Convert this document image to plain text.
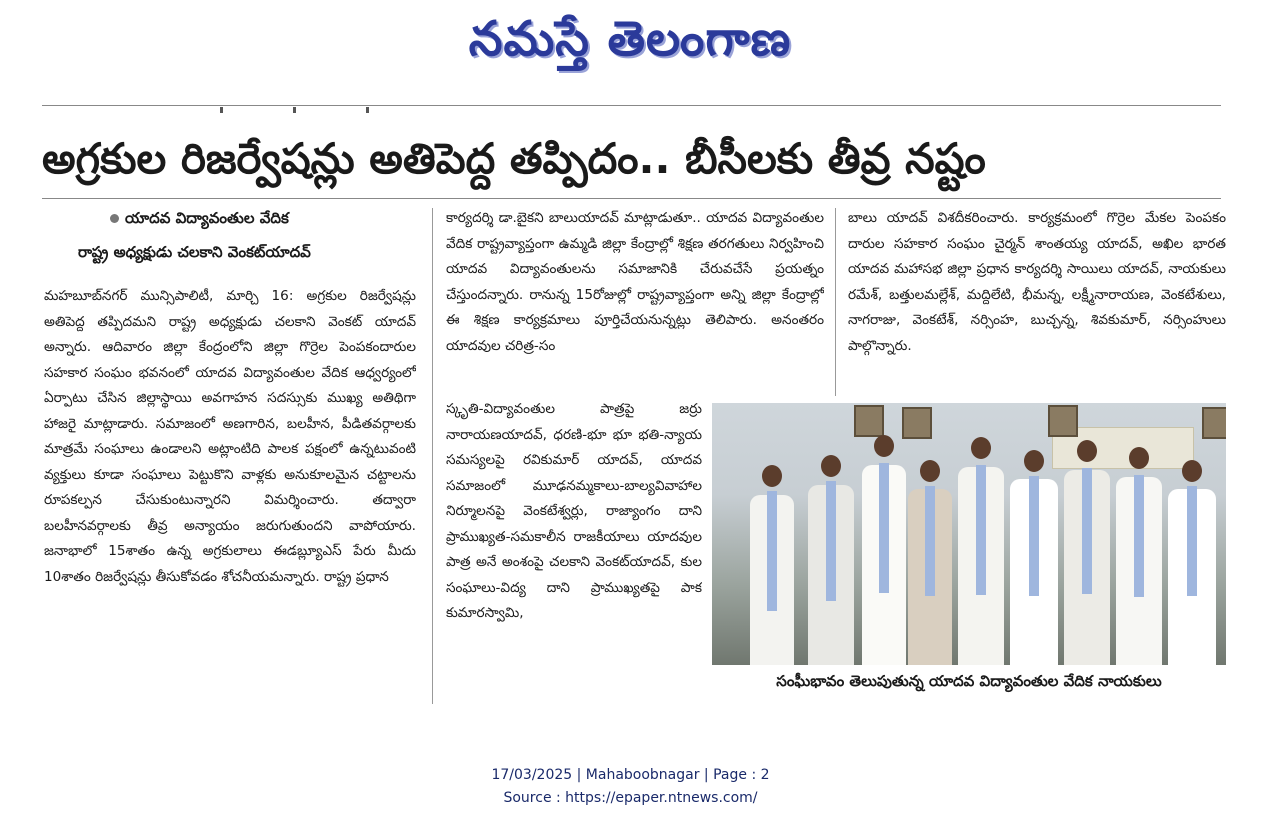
నమస్తే తెలంగాణ
అగ్రకుల రిజర్వేషన్లు అతిపెద్ద తప్పిదం.. బీసీలకు తీవ్ర నష్టం
యాదవ విద్యావంతుల వేదిక
రాష్ట్ర అధ్యక్షుడు చలకాని వెంకట్‌యాదవ్

మహబూబ్‌నగర్ మున్సిపాలిటీ, మార్చి 16: అగ్రకుల రిజర్వేషన్లు అతిపెద్ద తప్పిదమని రాష్ట్ర అధ్యక్షుడు చలకాని వెంకట్ యాదవ్ అన్నారు. ఆదివారం జిల్లా కేంద్రంలోని జిల్లా గొర్రెల పెంపకందారుల సహకార సంఘం భవనంలో యాదవ విద్యావంతుల వేదిక ఆధ్వర్యంలో ఏర్పాటు చేసిన జిల్లాస్థాయి అవగాహన సదస్సుకు ముఖ్య అతిథిగా హాజరై మాట్లాడారు. సమాజంలో అణగారిన, బలహీన, పీడితవర్గాలకు మాత్రమే సంఘాలు ఉండాలని అట్లాంటిది పాలక పక్షంలో ఉన్నటువంటి వ్యక్తులు కూడా సంఘాలు పెట్టుకొని వాళ్లకు అనుకూలమైన చట్టాలను రూపకల్పన చేసుకుంటున్నారని విమర్శించారు. తద్వారా బలహీనవర్గాలకు తీవ్ర అన్యాయం జరుగుతుందని వాపోయారు. జనాభాలో 15శాతం ఉన్న అగ్రకులాలు ఈడబ్ల్యూఎస్ పేరు మీదు 10శాతం రిజర్వేషన్లు తీసుకోవడం శోచనీయమన్నారు. రాష్ట్ర ప్రధాన

కార్యదర్శి డా.బైకని బాలుయాదవ్ మాట్లాడుతూ.. యాదవ విద్యావంతుల వేదిక రాష్ట్రవ్యాప్తంగా ఉమ్మడి జిల్లా కేంద్రాల్లో శిక్షణ తరగతులు నిర్వహించి యాదవ విద్యావంతులను సమాజానికి చేరువచేసే ప్రయత్నం చేస్తుందన్నారు. రానున్న 15రోజుల్లో రాష్ట్రవ్యాప్తంగా అన్ని జిల్లా కేంద్రాల్లో ఈ శిక్షణ కార్యక్రమాలు పూర్తిచేయనున్నట్లు తెలిపారు. అనంతరం యాదవుల చరిత్ర-సం

స్కృతి-విద్యావంతుల పాత్రపై జర్రు నారాయణయాదవ్, ధరణి-భూ భూ భతి-న్యాయ సమస్యలపై రవికుమార్ యాదవ్, యాదవ సమాజంలో మూఢనమ్మకాలు-బాల్యవివాహాల నిర్మూలనపై వెంకటేశ్వర్లు, రాజ్యాంగం దాని ప్రాముఖ్యత-సమకాలీన రాజకీయాలు యాదవుల పాత్ర అనే అంశంపై చలకాని వెంకట్‌యాదవ్, కుల సంఘాలు-విద్య దాని ప్రాముఖ్యతపై పాక కుమారస్వామి,

బాలు యాదవ్ విశదీకరించారు. కార్యక్రమంలో గొర్రెల మేకల పెంపకం దారుల సహకార సంఘం చైర్మన్ శాంతయ్య యాదవ్, అఖిల భారత యాదవ మహాసభ జిల్లా ప్రధాన కార్యదర్శి సాయిలు యాదవ్, నాయకులు రమేశ్, బత్తులమల్లేశ్, మద్దిలేటి, భీమన్న, లక్ష్మీనారాయణ, వెంకటేశులు, నాగరాజు, వెంకటేశ్, నర్సింహ, బుచ్చన్న, శివకుమార్, నర్సింహులు పాల్గొన్నారు.

సంఘీభావం తెలుపుతున్న యాదవ విద్యావంతుల వేదిక నాయకులు
17/03/2025 | Mahaboobnagar | Page : 2
Source : https://epaper.ntnews.com/
